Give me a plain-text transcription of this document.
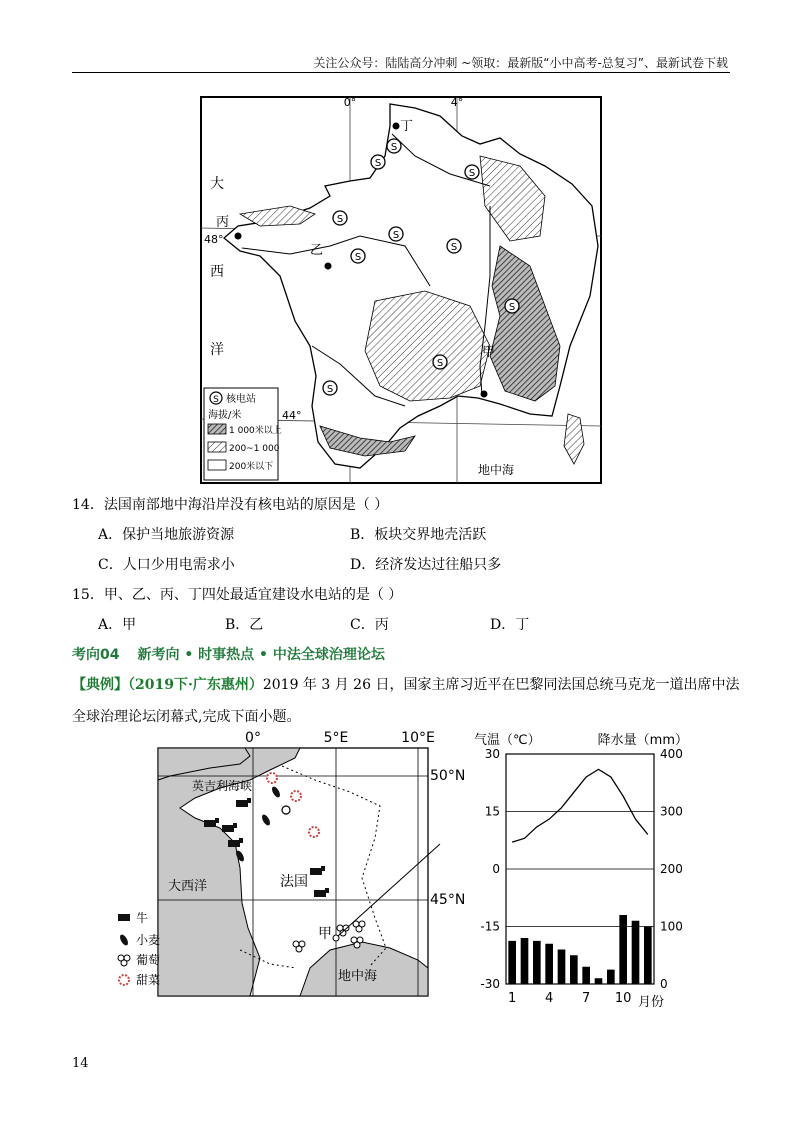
关注公众号：陆陆高分冲刺 ~领取：最新版“小中高考-总复习”、最新试卷下载
S
S
S
S
S
S
S
S
S
S
0°	4°
48°
44°
丁
丙
乙
甲
大
西
洋
地中海
S 核电站
海拔/米
1 000米以上
200~1 000
200米以下
14．法国南部地中海沿岸没有核电站的原因是（ ）
A．保护当地旅游资源	B．板块交界地壳活跃
C．人口少用电需求小	D．经济发达过往船只多
15．甲、乙、丙、丁四处最适宜建设水电站的是（ ）
A．甲	B．乙	C．丙	D．丁
考向04 新考向 • 时事热点 • 中法全球治理论坛
【典例】（2019下·广东惠州）2019 年 3 月 26 日，国家主席习近平在巴黎同法国总统马克龙一道出席中法
全球治理论坛闭幕式,完成下面小题。
0°	5°E	10°E
50°N
45°N
英吉利海峡
大西洋	法国
甲
地中海
牛
小麦
葡萄
甜菜
气温（℃）	降水量（mm）
30
15
0
-15
-30
400
300
200
100
0
1 4 7 10 月份
14
